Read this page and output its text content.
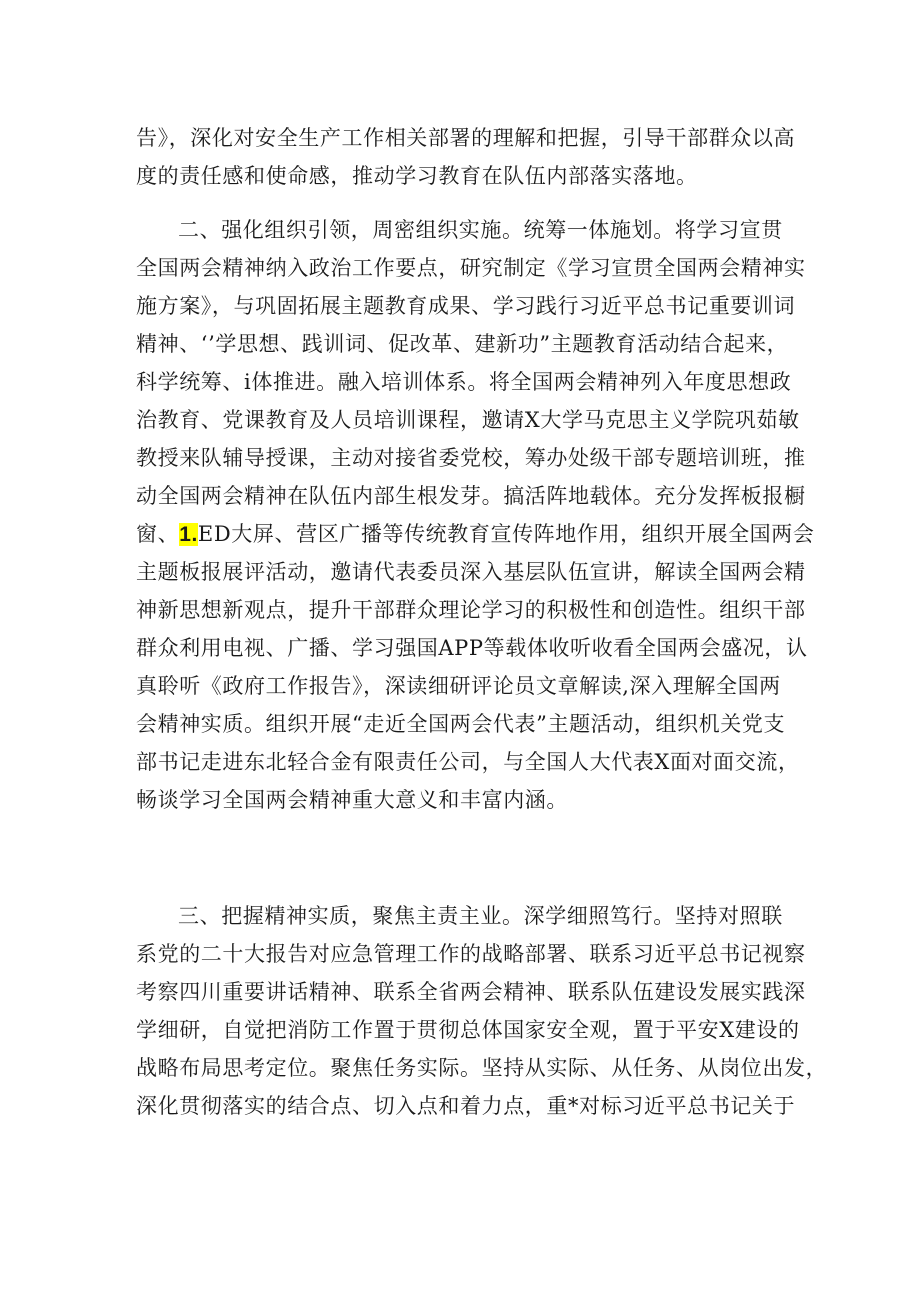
告》，深化对安全生产工作相关部署的理解和把握，引导干部群众以高
度的责任感和使命感，推动学习教育在队伍内部落实落地。
二、强化组织引领，周密组织实施。统筹一体施划。将学习宣贯
全国两会精神纳入政治工作要点，研究制定《学习宣贯全国两会精神实
施方案》，与巩固拓展主题教育成果、学习践行习近平总书记重要训词
精神、‘’学思想、践训词、促改革、建新功”主题教育活动结合起来，
科学统筹、i体推进。融入培训体系。将全国两会精神列入年度思想政
治教育、党课教育及人员培训课程，邀请X大学马克思主义学院巩茹敏
教授来队辅导授课，主动对接省委党校，筹办处级干部专题培训班，推
动全国两会精神在队伍内部生根发芽。搞活阵地载体。充分发挥板报橱
窗、1.ED大屏、营区广播等传统教育宣传阵地作用，组织开展全国两会
主题板报展评活动，邀请代表委员深入基层队伍宣讲，解读全国两会精
神新思想新观点，提升干部群众理论学习的积极性和创造性。组织干部
群众利用电视、广播、学习强国APP等载体收听收看全国两会盛况，认
真聆听《政府工作报告》，深读细研评论员文章解读,深入理解全国两
会精神实质。组织开展“走近全国两会代表”主题活动，组织机关党支
部书记走进东北轻合金有限责任公司，与全国人大代表X面对面交流，
畅谈学习全国两会精神重大意义和丰富内涵。
三、把握精神实质，聚焦主责主业。深学细照笃行。坚持对照联
系党的二十大报告对应急管理工作的战略部署、联系习近平总书记视察
考察四川重要讲话精神、联系全省两会精神、联系队伍建设发展实践深
学细研，自觉把消防工作置于贯彻总体国家安全观，置于平安X建设的
战略布局思考定位。聚焦任务实际。坚持从实际、从任务、从岗位出发，
深化贯彻落实的结合点、切入点和着力点，重*对标习近平总书记关于
